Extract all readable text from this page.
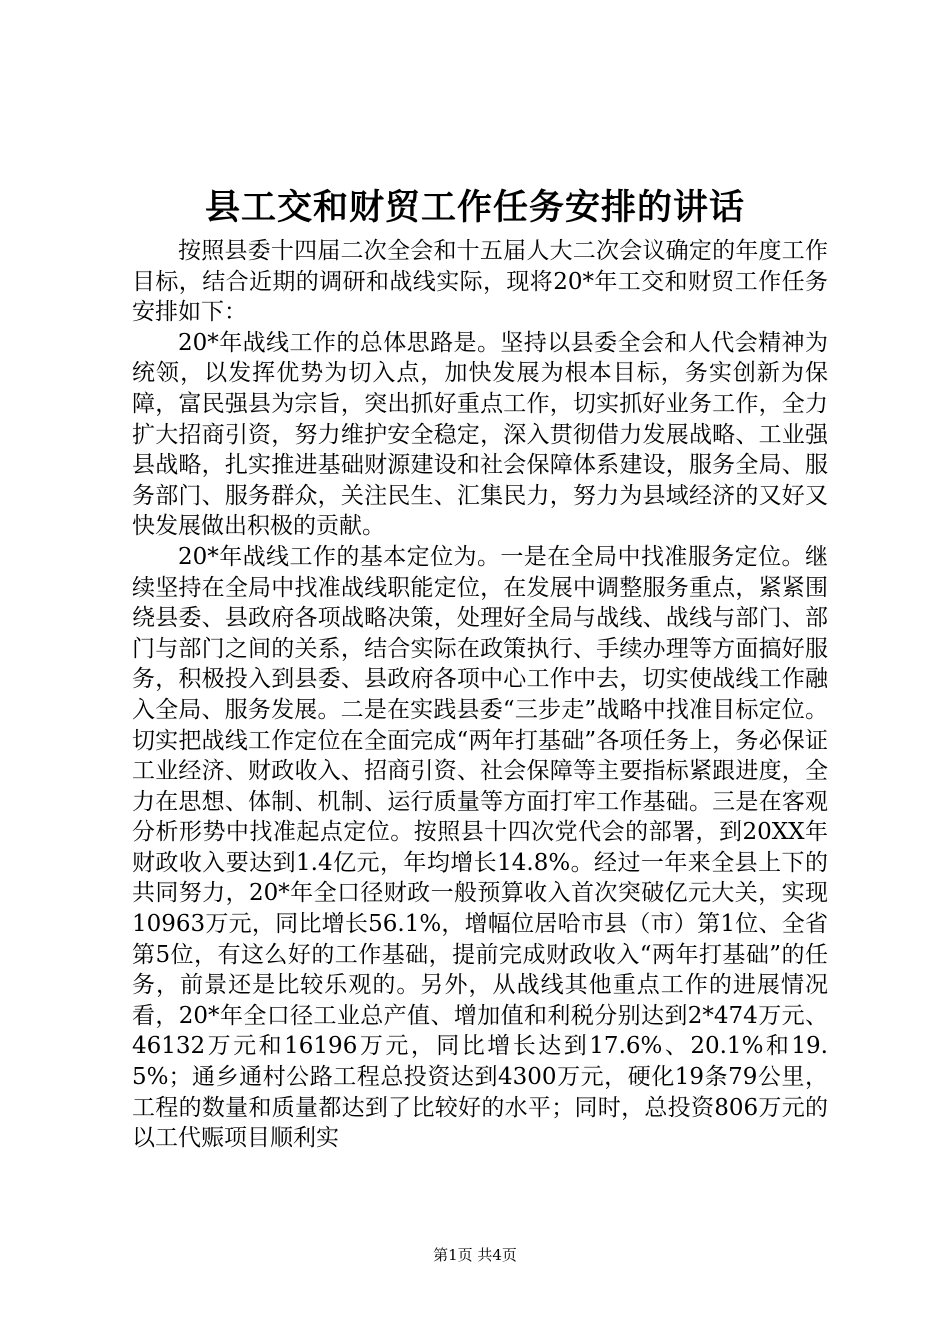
县工交和财贸工作任务安排的讲话

按照县委十四届二次全会和十五届人大二次会议确定的年度工作目标，结合近期的调研和战线实际，现将20*年工交和财贸工作任务安排如下：

20*年战线工作的总体思路是。坚持以县委全会和人代会精神为统领，以发挥优势为切入点，加快发展为根本目标，务实创新为保障，富民强县为宗旨，突出抓好重点工作，切实抓好业务工作，全力扩大招商引资，努力维护安全稳定，深入贯彻借力发展战略、工业强县战略，扎实推进基础财源建设和社会保障体系建设，服务全局、服务部门、服务群众，关注民生、汇集民力，努力为县域经济的又好又快发展做出积极的贡献。

20*年战线工作的基本定位为。一是在全局中找准服务定位。继续坚持在全局中找准战线职能定位，在发展中调整服务重点，紧紧围绕县委、县政府各项战略决策，处理好全局与战线、战线与部门、部门与部门之间的关系，结合实际在政策执行、手续办理等方面搞好服务，积极投入到县委、县政府各项中心工作中去，切实使战线工作融入全局、服务发展。二是在实践县委“三步走”战略中找准目标定位。切实把战线工作定位在全面完成“两年打基础”各项任务上，务必保证工业经济、财政收入、招商引资、社会保障等主要指标紧跟进度，全力在思想、体制、机制、运行质量等方面打牢工作基础。三是在客观分析形势中找准起点定位。按照县十四次党代会的部署，到20XX年财政收入要达到1.4亿元，年均增长14.8%。经过一年来全县上下的共同努力，20*年全口径财政一般预算收入首次突破亿元大关，实现10963万元，同比增长56.1%，增幅位居哈市县（市）第1位、全省第5位，有这么好的工作基础，提前完成财政收入“两年打基础”的任务，前景还是比较乐观的。另外，从战线其他重点工作的进展情况看，20*年全口径工业总产值、增加值和利税分别达到2*474万元、46132万元和16196万元，同比增长达到17.6%、20.1%和19.5%；通乡通村公路工程总投资达到4300万元，硬化19条79公里，工程的数量和质量都达到了比较好的水平；同时，总投资806万元的以工代赈项目顺利实

第1页 共4页
